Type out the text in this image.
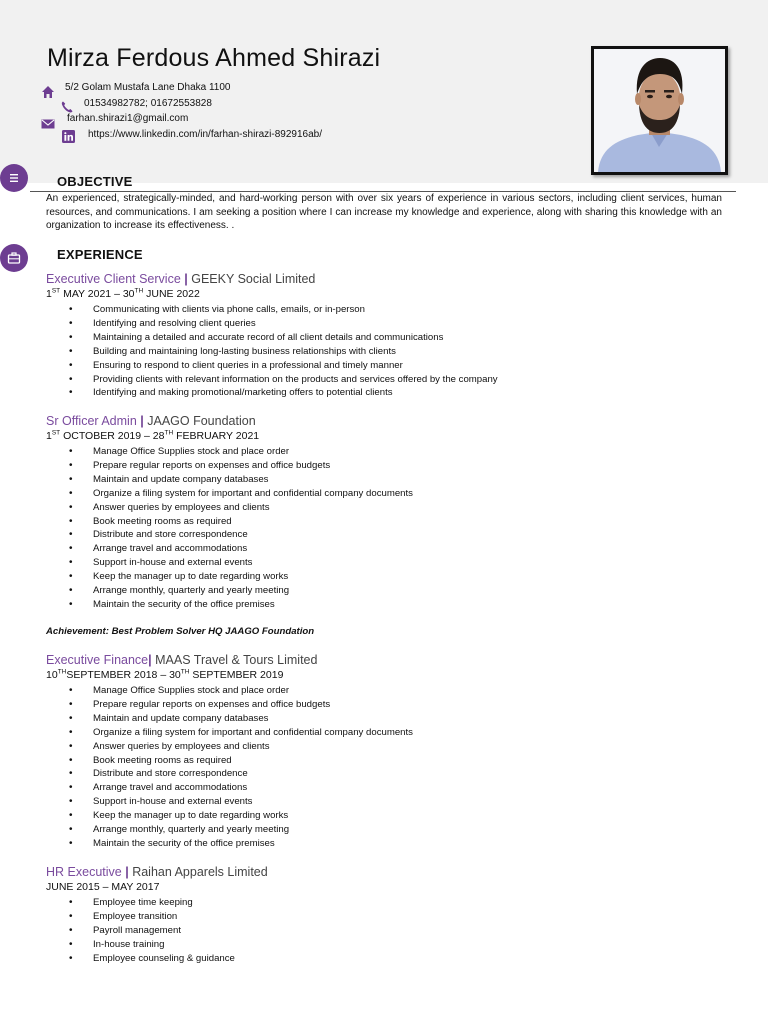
Mirza Ferdous Ahmed Shirazi
5/2 Golam Mustafa Lane Dhaka 1100
01534982782; 01672553828
farhan.shirazi1@gmail.com
https://www.linkedin.com/in/farhan-shirazi-892916ab/
OBJECTIVE

An experienced, strategically-minded, and hard-working person with over six years of experience in various sectors, including client services, human resources, and communications. I am seeking a position where I can increase my knowledge and experience, along with sharing this knowledge with an organization to increase its effectiveness. .

EXPERIENCE
Executive Client Service | GEEKY Social Limited
1ST MAY 2021 – 30TH JUNE 2022
• Communicating with clients via phone calls, emails, or in-person
• Identifying and resolving client queries
• Maintaining a detailed and accurate record of all client details and communications
• Building and maintaining long-lasting business relationships with clients
• Ensuring to respond to client queries in a professional and timely manner
• Providing clients with relevant information on the products and services offered by the company
• Identifying and making promotional/marketing offers to potential clients
Sr Officer Admin | JAAGO Foundation
1ST OCTOBER 2019 – 28TH FEBRUARY 2021
• Manage Office Supplies stock and place order
• Prepare regular reports on expenses and office budgets
• Maintain and update company databases
• Organize a filing system for important and confidential company documents
• Answer queries by employees and clients
• Book meeting rooms as required
• Distribute and store correspondence
• Arrange travel and accommodations
• Support in-house and external events
• Keep the manager up to date regarding works
• Arrange monthly, quarterly and yearly meeting
• Maintain the security of the office premises
Achievement: Best Problem Solver HQ JAAGO Foundation
Executive Finance| MAAS Travel & Tours Limited
10THSEPTEMBER 2018 – 30TH SEPTEMBER 2019
• Manage Office Supplies stock and place order
• Prepare regular reports on expenses and office budgets
• Maintain and update company databases
• Organize a filing system for important and confidential company documents
• Answer queries by employees and clients
• Book meeting rooms as required
• Distribute and store correspondence
• Arrange travel and accommodations
• Support in-house and external events
• Keep the manager up to date regarding works
• Arrange monthly, quarterly and yearly meeting
• Maintain the security of the office premises
HR Executive | Raihan Apparels Limited
JUNE 2015 – MAY 2017
• Employee time keeping
• Employee transition
• Payroll management
• In-house training
• Employee counseling & guidance
